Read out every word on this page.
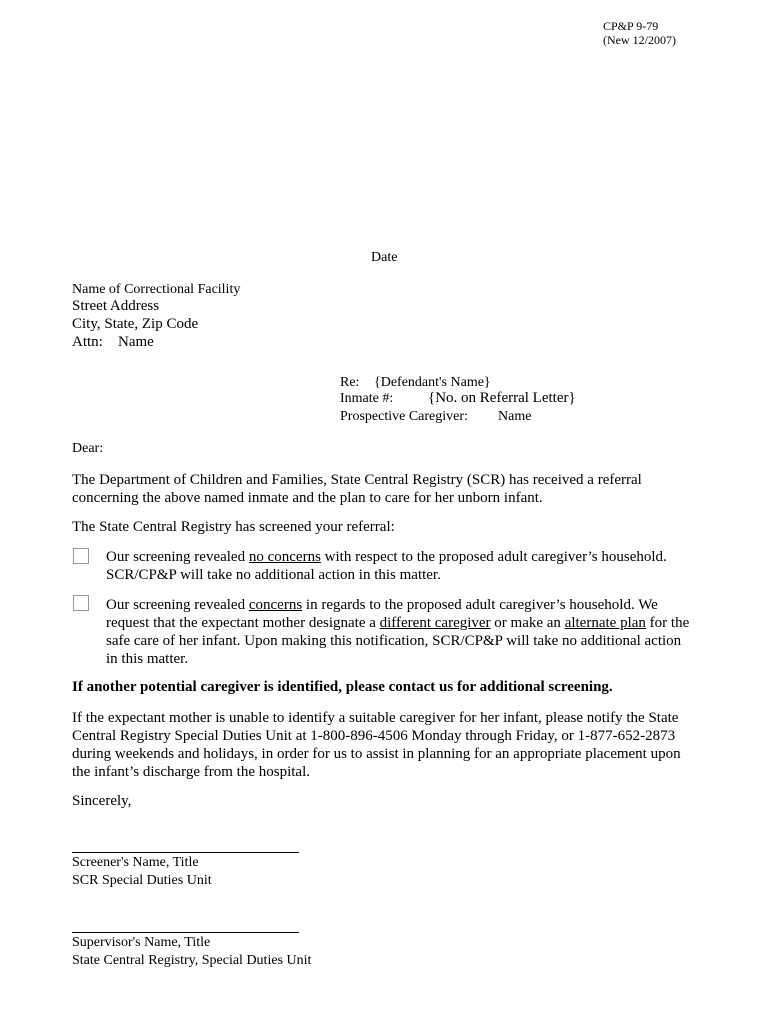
CP&P 9-79
(New 12/2007)
Date
Name of Correctional Facility
Street Address
City, State, Zip Code
Attn: Name
Re: {Defendant's Name}
Inmate #: {No. on Referral Letter}
Prospective Caregiver: Name
Dear:

The Department of Children and Families, State Central Registry (SCR) has received a referral
concerning the above named inmate and the plan to care for her unborn infant.

The State Central Registry has screened your referral:

Our screening revealed no concerns with respect to the proposed adult caregiver’s household.
SCR/CP&P will take no additional action in this matter.

Our screening revealed concerns in regards to the proposed adult caregiver’s household. We
request that the expectant mother designate a different caregiver or make an alternate plan for the
safe care of her infant. Upon making this notification, SCR/CP&P will take no additional action
in this matter.

If another potential caregiver is identified, please contact us for additional screening.

If the expectant mother is unable to identify a suitable caregiver for her infant, please notify the State
Central Registry Special Duties Unit at 1-800-896-4506 Monday through Friday, or 1-877-652-2873
during weekends and holidays, in order for us to assist in planning for an appropriate placement upon
the infant’s discharge from the hospital.

Sincerely,
Screener's Name, Title
SCR Special Duties Unit
Supervisor's Name, Title
State Central Registry, Special Duties Unit
